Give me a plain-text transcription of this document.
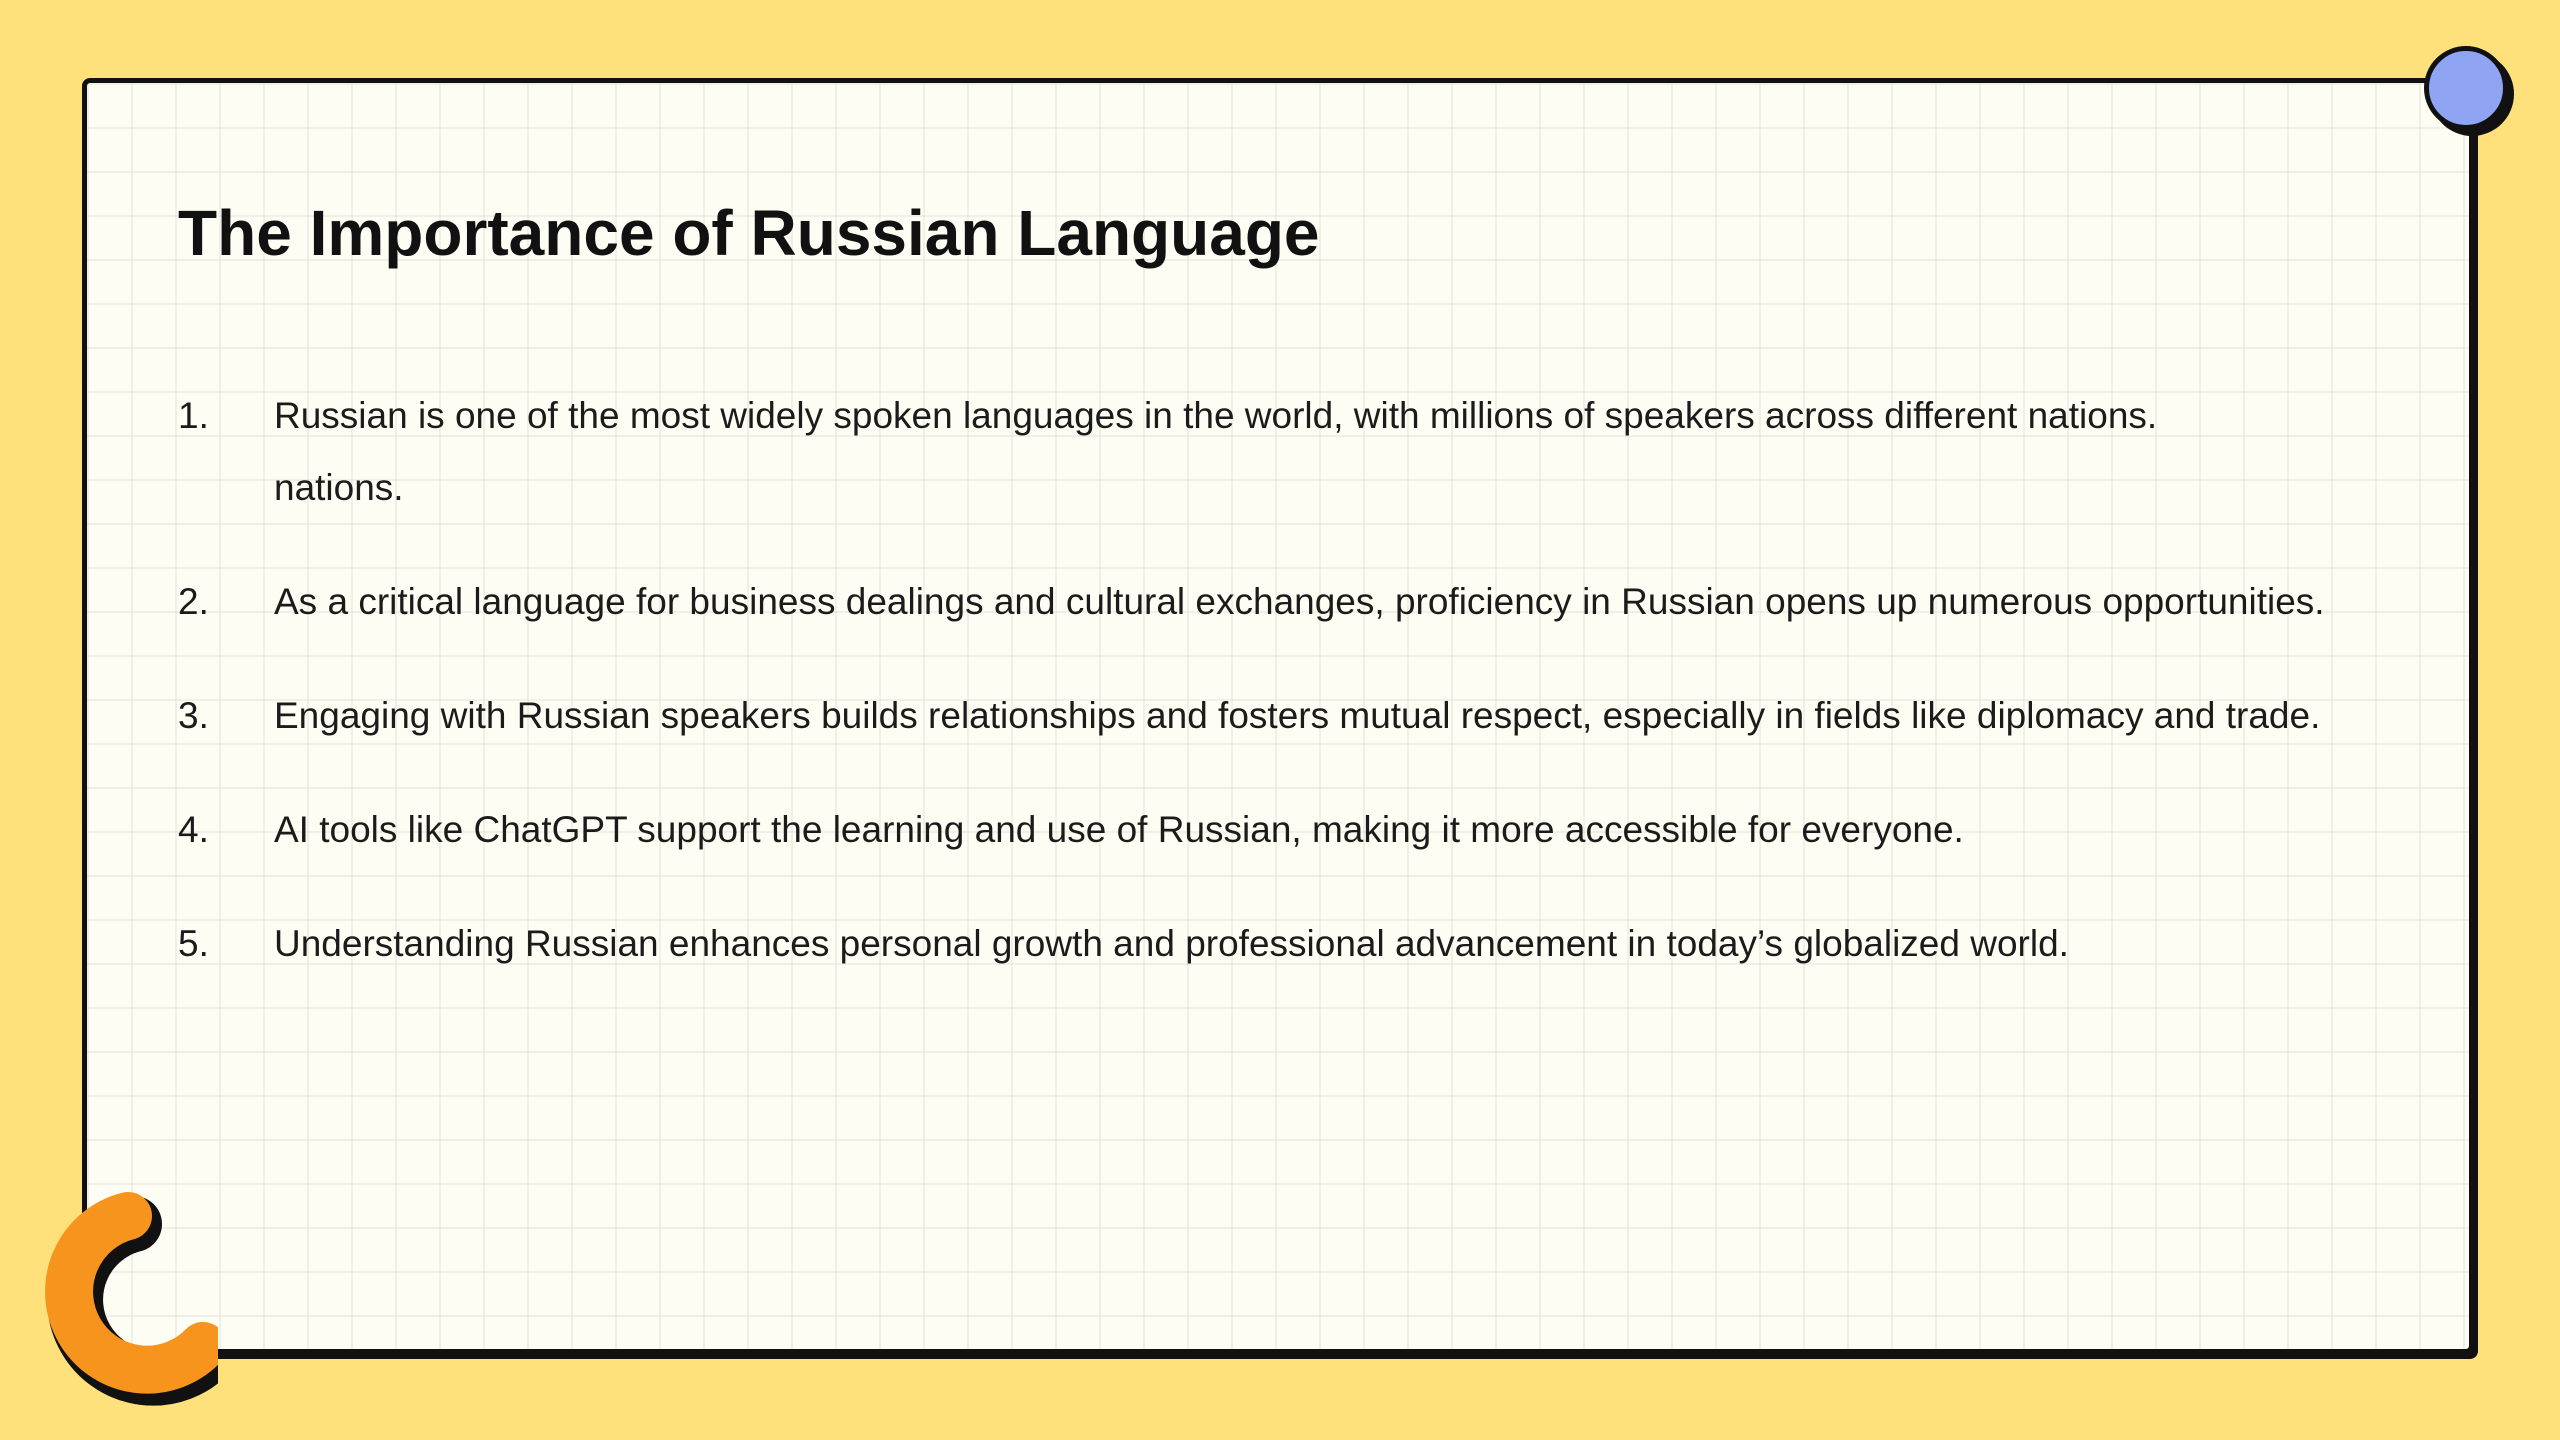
The Importance of Russian Language
1.	Russian is one of the most widely spoken languages in the world, with millions of speakers across different nations.
nations.
2.	As a critical language for business dealings and cultural exchanges, proficiency in Russian opens up numerous opportunities.
3.	Engaging with Russian speakers builds relationships and fosters mutual respect, especially in fields like diplomacy and trade.
4.	AI tools like ChatGPT support the learning and use of Russian, making it more accessible for everyone.
5.	Understanding Russian enhances personal growth and professional advancement in today’s globalized world.
